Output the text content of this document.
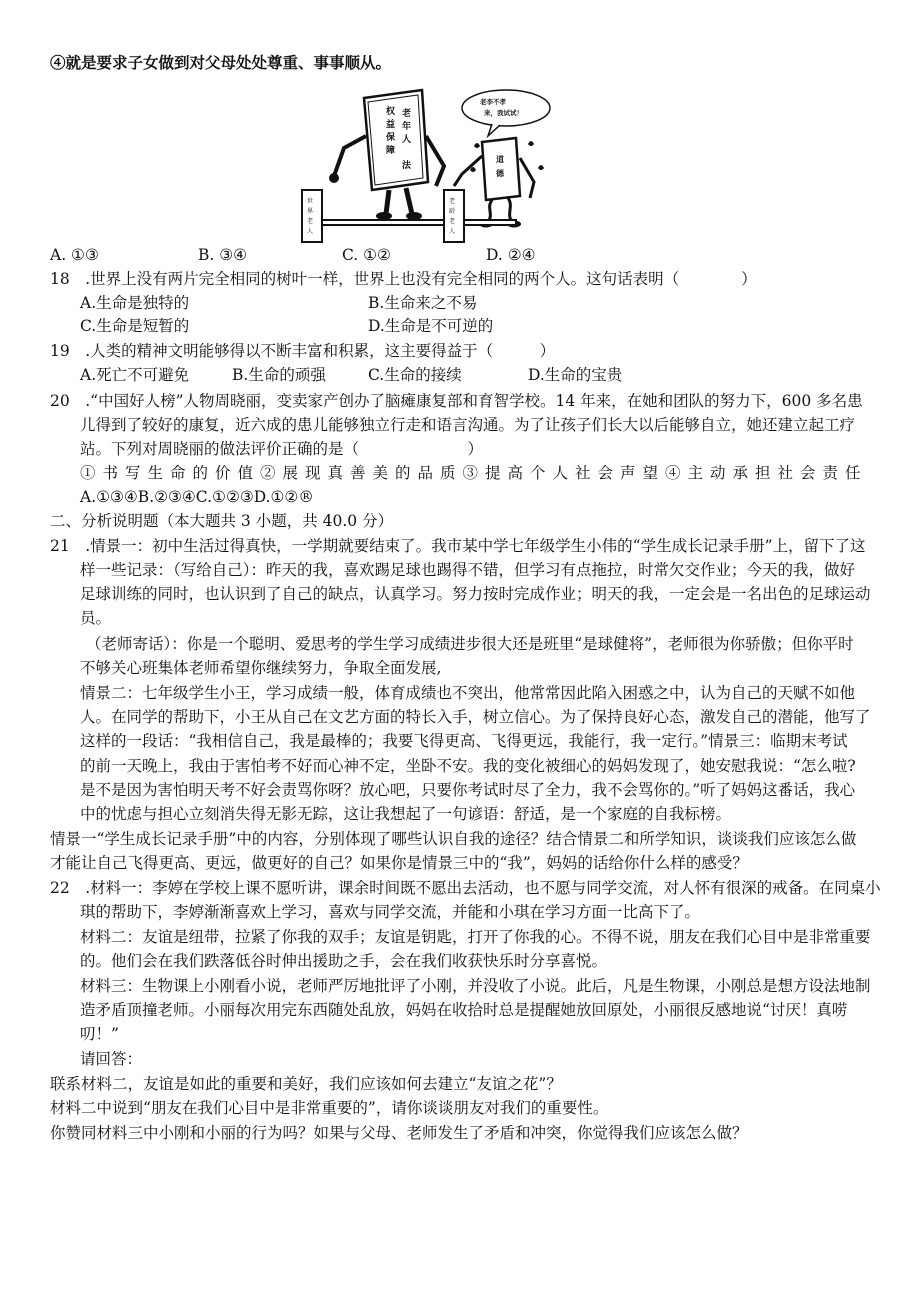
④就是要求子女做到对父母处处尊重、事事顺从。
权
益
保
障
老
年
人
法
道
德
老李不孝
来，我试试！
世
界
老
人
老
龄
老
人
A. ①③	B. ③④	C. ①②	D. ②④
18　.世界上没有两片完全相同的树叶一样，世界上也没有完全相同的两个人。这句话表明（　　　　）
A.生命是独特的	B.生命来之不易
C.生命是短暂的	D.生命是不可逆的
19　.人类的精神文明能够得以不断丰富和积累，这主要得益于（　　　）
A.死亡不可避免	B.生命的顽强	C.生命的接续	D.生命的宝贵
20　.“中国好人榜”人物周晓丽，变卖家产创办了脑瘫康复部和育智学校。14 年来，在她和团队的努力下，600 多名患
儿得到了较好的康复，近六成的患儿能够独立行走和语言沟通。为了让孩子们长大以后能够自立，她还建立起工疗
站。下列对周晓丽的做法评价正确的是（　　　　　　　）
①书写生命的价值②展现真善美的品质③提高个人社会声望④主动承担社会责任
A.①③④B.②③④C.①②③D.①②®
二、分析说明题（本大题共 3 小题，共 40.0 分）
21　.情景一：初中生活过得真快，一学期就要结束了。我市某中学七年级学生小伟的“学生成长记录手册”上，留下了这
样一些记录：（写给自己）：昨天的我，喜欢踢足球也踢得不错，但学习有点拖拉，时常欠交作业；今天的我，做好
足球训练的同时，也认识到了自己的缺点，认真学习。努力按时完成作业；明天的我，一定会是一名出色的足球运动
员。
（老师寄话）：你是一个聪明、爱思考的学生学习成绩进步很大还是班里“是球健将”，老师很为你骄傲；但你平时
不够关心班集体老师希望你继续努力，争取全面发展,
情景二：七年级学生小王，学习成绩一般，体育成绩也不突出，他常常因此陷入困惑之中，认为自己的天赋不如他
人。在同学的帮助下，小王从自己在文艺方面的特长入手，树立信心。为了保持良好心态，激发自己的潜能，他写了
这样的一段话：“我相信自己，我是最棒的；我要飞得更高、飞得更远，我能行，我一定行。”情景三：临期末考试
的前一天晚上，我由于害怕考不好而心神不定，坐卧不安。我的变化被细心的妈妈发现了，她安慰我说：“怎么啦?
是不是因为害怕明天考不好会责骂你呀？放心吧，只要你考试时尽了全力，我不会骂你的。”听了妈妈这番话，我心
中的忧虑与担心立刻消失得无影无踪，这让我想起了一句谚语：舒适，是一个家庭的自我标榜。
情景一“学生成长记录手册”中的内容，分别体现了哪些认识自我的途径？结合情景二和所学知识，谈谈我们应该怎么做
才能让自己飞得更高、更远，做更好的自己？如果你是情景三中的“我”，妈妈的话给你什么样的感受？
22　.材料一：李婷在学校上课不愿听讲，课余时间既不愿出去活动，也不愿与同学交流，对人怀有很深的戒备。在同桌小
琪的帮助下，李婷渐渐喜欢上学习，喜欢与同学交流，并能和小琪在学习方面一比高下了。
材料二：友谊是纽带，拉紧了你我的双手；友谊是钥匙，打开了你我的心。不得不说，朋友在我们心目中是非常重要
的。他们会在我们跌落低谷时伸出援助之手，会在我们收获快乐时分享喜悦。
材料三：生物课上小刚看小说，老师严厉地批评了小刚，并没收了小说。此后，凡是生物课，小刚总是想方设法地制
造矛盾顶撞老师。小丽每次用完东西随处乱放，妈妈在收拾时总是提醒她放回原处，小丽很反感地说“讨厌！真唠
叨！”
请回答：
联系材料二，友谊是如此的重要和美好，我们应该如何去建立“友谊之花”？
材料二中说到“朋友在我们心目中是非常重要的”，请你谈谈朋友对我们的重要性。
你赞同材料三中小刚和小丽的行为吗？如果与父母、老师发生了矛盾和冲突，你觉得我们应该怎么做？
